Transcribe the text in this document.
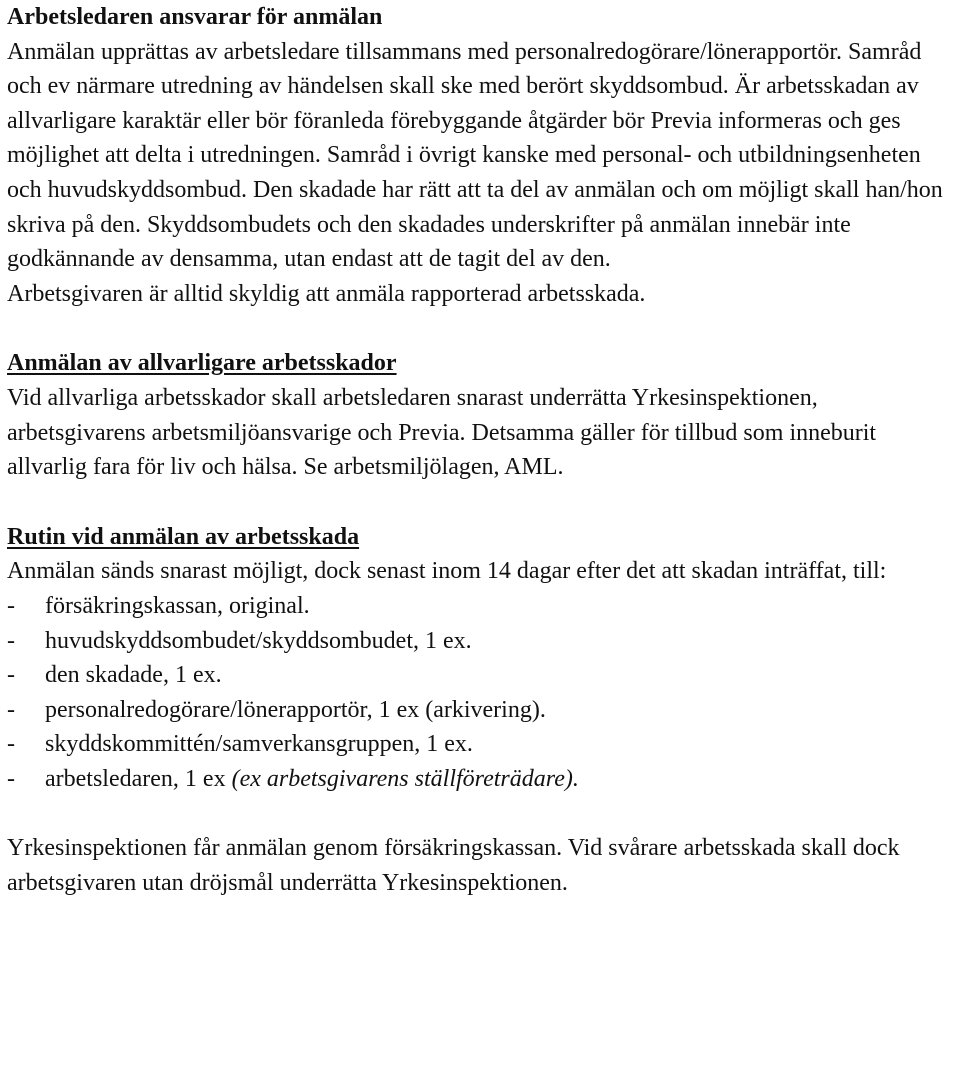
Arbetsledaren ansvarar för anmälan

Anmälan upprättas av arbetsledare tillsammans med personalredogörare/lönerapportör. Samråd och ev närmare utredning av händelsen skall ske med berört skyddsombud. Är arbetsskadan av allvarligare karaktär eller bör föranleda förebyggande åtgärder bör Previa informeras och ges möjlighet att delta i utredningen. Samråd i övrigt kanske med personal- och utbildningsenheten och huvudskyddsombud. Den skadade har rätt att ta del av anmälan och om möjligt skall han/hon skriva på den. Skyddsombudets och den skadades underskrifter på anmälan innebär inte godkännande av densamma, utan endast att de tagit del av den.

Arbetsgivaren är alltid skyldig att anmäla rapporterad arbetsskada.

Anmälan av allvarligare arbetsskador

Vid allvarliga arbetsskador skall arbetsledaren snarast underrätta Yrkesinspektionen, arbetsgivarens arbetsmiljöansvarige och Previa. Detsamma gäller för tillbud som inneburit allvarlig fara för liv och hälsa. Se arbetsmiljölagen, AML.

Rutin vid anmälan av arbetsskada

Anmälan sänds snarast möjligt, dock senast inom 14 dagar efter det att skadan inträffat, till:

-	försäkringskassan, original.
-	huvudskyddsombudet/skyddsombudet, 1 ex.
-	den skadade, 1 ex.
-	personalredogörare/lönerapportör, 1 ex (arkivering).
-	skyddskommittén/samverkansgruppen, 1 ex.
-	arbetsledaren, 1 ex (ex arbetsgivarens ställföreträdare).

Yrkesinspektionen får anmälan genom försäkringskassan. Vid svårare arbetsskada skall dock arbetsgivaren utan dröjsmål underrätta Yrkesinspektionen.
